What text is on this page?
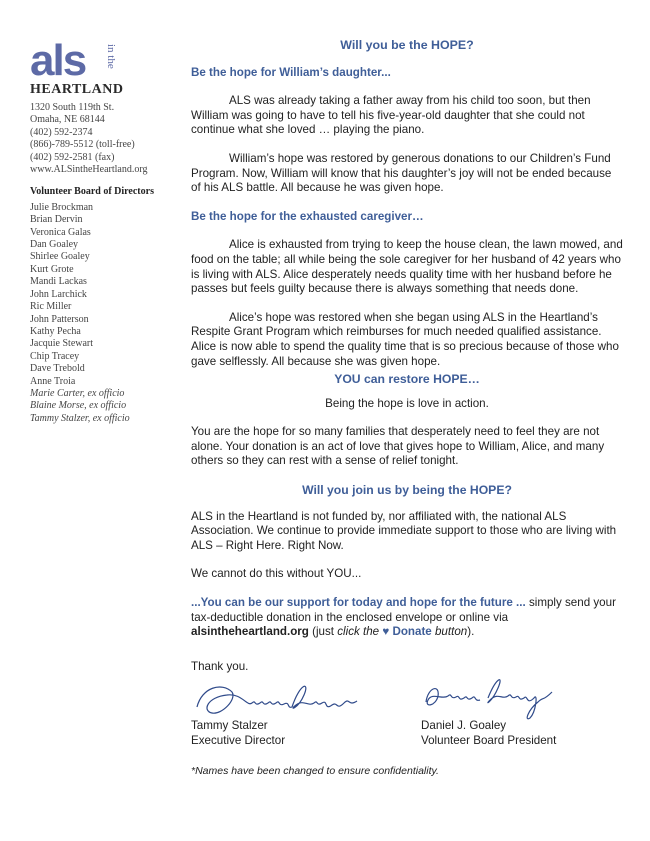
als
HEARTLAND
in the
1320 South 119th St.
Omaha, NE 68144
(402) 592-2374
(866)-789-5512 (toll-free)
(402) 592-2581 (fax)
www.ALSintheHeartland.org
Volunteer Board of Directors
Julie Brockman
Brian Dervin
Veronica Galas
Dan Goaley
Shirlee Goaley
Kurt Grote
Mandi Lackas
John Larchick
Ric Miller
John Patterson
Kathy Pecha
Jacquie Stewart
Chip Tracey
Dave Trebold
Anne Troia
Marie Carter, ex officio
Blaine Morse, ex officio
Tammy Stalzer, ex officio
Will you be the HOPE?
Be the hope for William’s daughter...

ALS was already taking a father away from his child too soon, but then William was going to have to tell his five-year-old daughter that she could not continue what she loved … playing the piano.

William’s hope was restored by generous donations to our Children’s Fund Program. Now, William will know that his daughter’s joy will not be ended because of his ALS battle. All because he was given hope.

Be the hope for the exhausted caregiver…

Alice is exhausted from trying to keep the house clean, the lawn mowed, and food on the table; all while being the sole caregiver for her husband of 42 years who is living with ALS. Alice desperately needs quality time with her husband before he passes but feels guilty because there is always something that needs done.

Alice’s hope was restored when she began using ALS in the Heartland’s Respite Grant Program which reimburses for much needed qualified assistance. Alice is now able to spend the quality time that is so precious because of those who gave selflessly. All because she was given hope.

YOU can restore HOPE…

Being the hope is love in action.

You are the hope for so many families that desperately need to feel they are not alone. Your donation is an act of love that gives hope to William, Alice, and many others so they can rest with a sense of relief tonight.

Will you join us by being the HOPE?

ALS in the Heartland is not funded by, nor affiliated with, the national ALS Association. We continue to provide immediate support to those who are living with ALS – Right Here. Right Now.

We cannot do this without YOU...

...You can be our support for today and hope for the future ... simply send your tax-deductible donation in the enclosed envelope or online via alsintheheartland.org (just click the ♥ Donate button).

Thank you.

Tammy Stalzer
Executive Director
Daniel J. Goaley
Volunteer Board President
*Names have been changed to ensure confidentiality.
